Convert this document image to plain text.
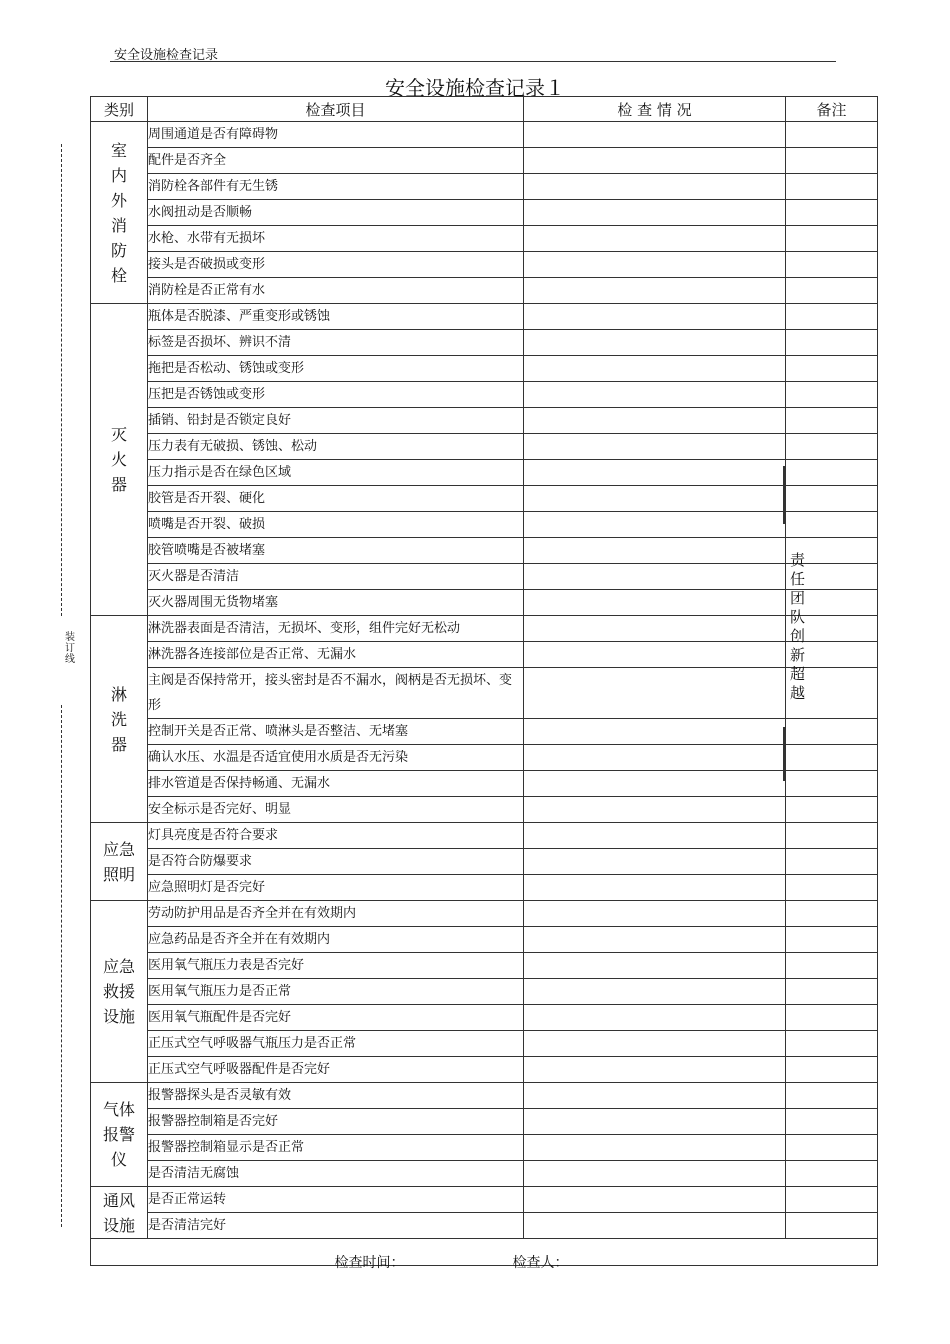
安全设施检查记录
安全设施检查记录１
装订线
类别	检查项目	检 查 情 况	备注

室内外消防栓	周围通道是否有障碍物		
	配件是否齐全		
	消防栓各部件有无生锈		
	水阀扭动是否顺畅		
	水枪、水带有无损坏		
	接头是否破损或变形		
	消防栓是否正常有水		

灭火器	瓶体是否脱漆、严重变形或锈蚀		
	标签是否损坏、辨识不清		
	拖把是否松动、锈蚀或变形		
	压把是否锈蚀或变形		
	插销、铅封是否锁定良好		
	压力表有无破损、锈蚀、松动		
	压力指示是否在绿色区域		
	胶管是否开裂、硬化		
	喷嘴是否开裂、破损		
	胶管喷嘴是否被堵塞		
	灭火器是否清洁		
	灭火器周围无货物堵塞		

淋洗器	淋洗器表面是否清洁，无损坏、变形，组件完好无松动		
	淋洗器各连接部位是否正常、无漏水		
	主阀是否保持常开，接头密封是否不漏水，阀柄是否无损坏、变形		
	控制开关是否正常、喷淋头是否整洁、无堵塞		
	确认水压、水温是否适宜使用水质是否无污染		
	排水管道是否保持畅通、无漏水		
	安全标示是否完好、明显		

应急
照明	灯具亮度是否符合要求		
	是否符合防爆要求		
	应急照明灯是否完好		

应急
救援
设施	劳动防护用品是否齐全并在有效期内		
	应急药品是否齐全并在有效期内		
	医用氧气瓶压力表是否完好		
	医用氧气瓶压力是否正常		
	医用氧气瓶配件是否完好		
	正压式空气呼吸器气瓶压力是否正常		
	正压式空气呼吸器配件是否完好		

气体
报警
仪	报警器探头是否灵敏有效		
	报警器控制箱是否完好		
	报警器控制箱显示是否正常		
	是否清洁无腐蚀		

通风
设施	是否正常运转		
	是否清洁完好		

检查时间： 检查人：			
责
任
团
队
创
新
超
越
